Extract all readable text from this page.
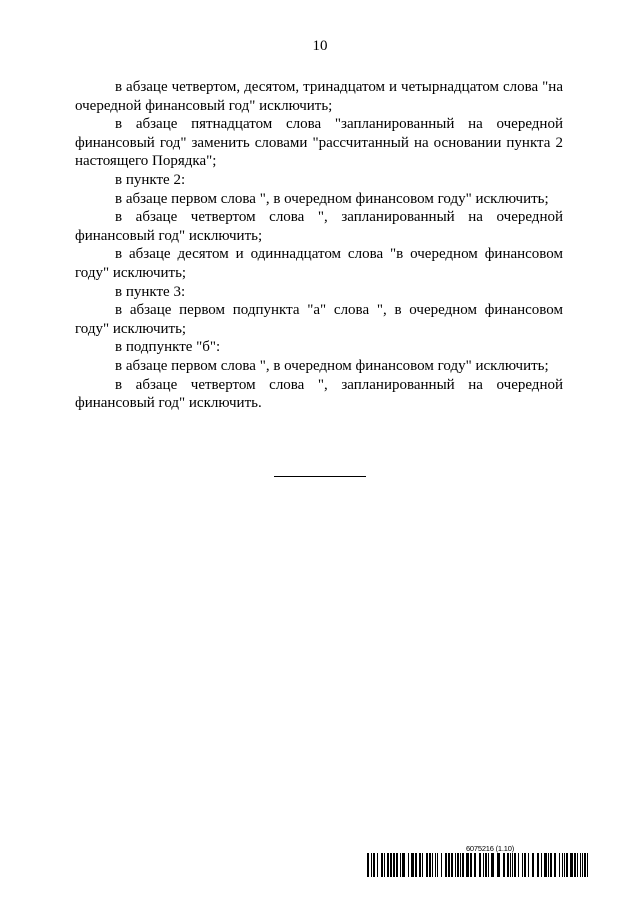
10

в абзаце четвертом, десятом, тринадцатом и четырнадцатом слова "на очередной финансовый год" исключить;

в абзаце пятнадцатом слова "запланированный на очередной финансовый год" заменить словами "рассчитанный на основании пункта 2 настоящего Порядка";

в пункте 2:

в абзаце первом слова ", в очередном финансовом году" исключить;

в абзаце четвертом слова ", запланированный на очередной финансовый год" исключить;

в абзаце десятом и одиннадцатом слова "в очередном финансовом году" исключить;

в пункте 3:

в абзаце первом подпункта "а" слова ", в очередном финансовом году" исключить;

в подпункте "б":

в абзаце первом слова ", в очередном финансовом году" исключить;

в абзаце четвертом слова ", запланированный на очередной финансовый год" исключить.

6075216 (1.10)
